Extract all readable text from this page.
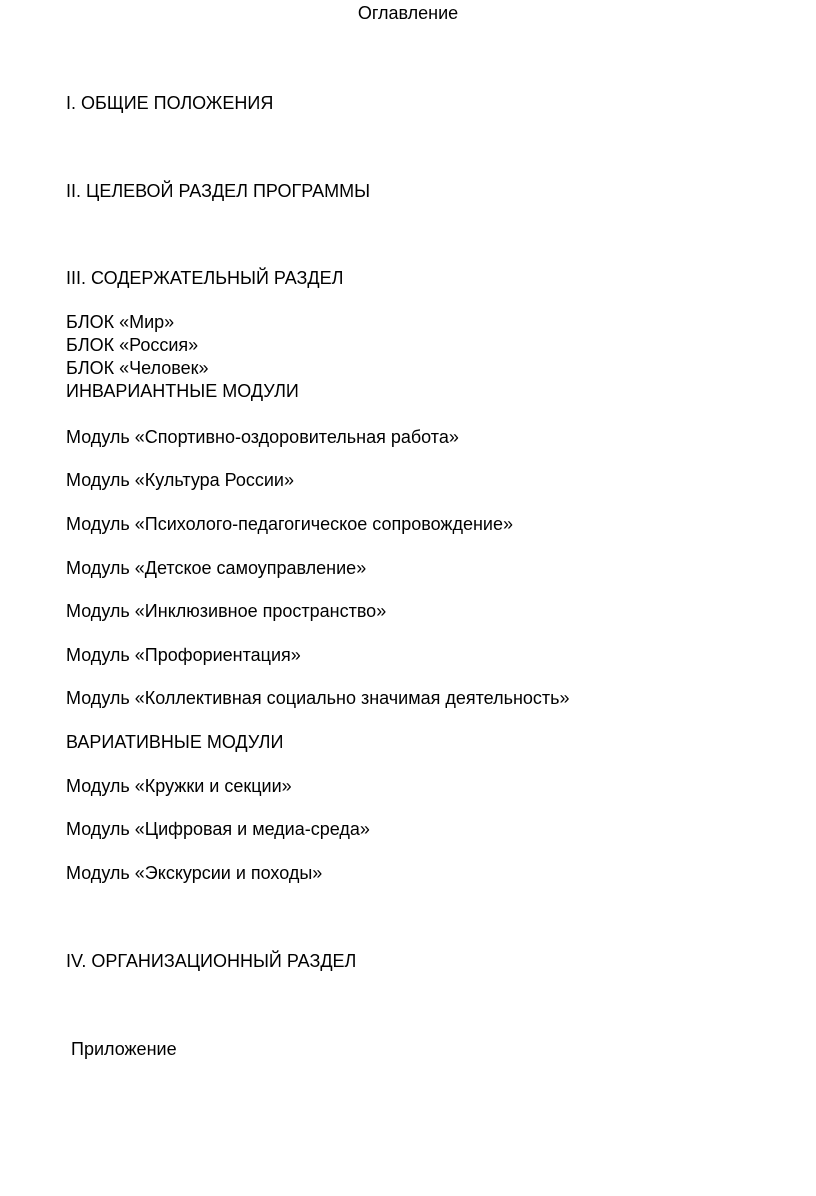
Оглавление
I. ОБЩИЕ ПОЛОЖЕНИЯ
II. ЦЕЛЕВОЙ РАЗДЕЛ ПРОГРАММЫ
III. СОДЕРЖАТЕЛЬНЫЙ РАЗДЕЛ
БЛОК «Мир»
БЛОК «Россия»
БЛОК «Человек»
ИНВАРИАНТНЫЕ МОДУЛИ
Модуль «Спортивно-оздоровительная работа»
Модуль «Культура России»
Модуль «Психолого-педагогическое сопровождение»
Модуль «Детское самоуправление»
Модуль «Инклюзивное пространство»
Модуль «Профориентация»
Модуль «Коллективная социально значимая деятельность»
ВАРИАТИВНЫЕ МОДУЛИ
Модуль «Кружки и секции»
Модуль «Цифровая и медиа-среда»
Модуль «Экскурсии и походы»
IV. ОРГАНИЗАЦИОННЫЙ РАЗДЕЛ
Приложение
